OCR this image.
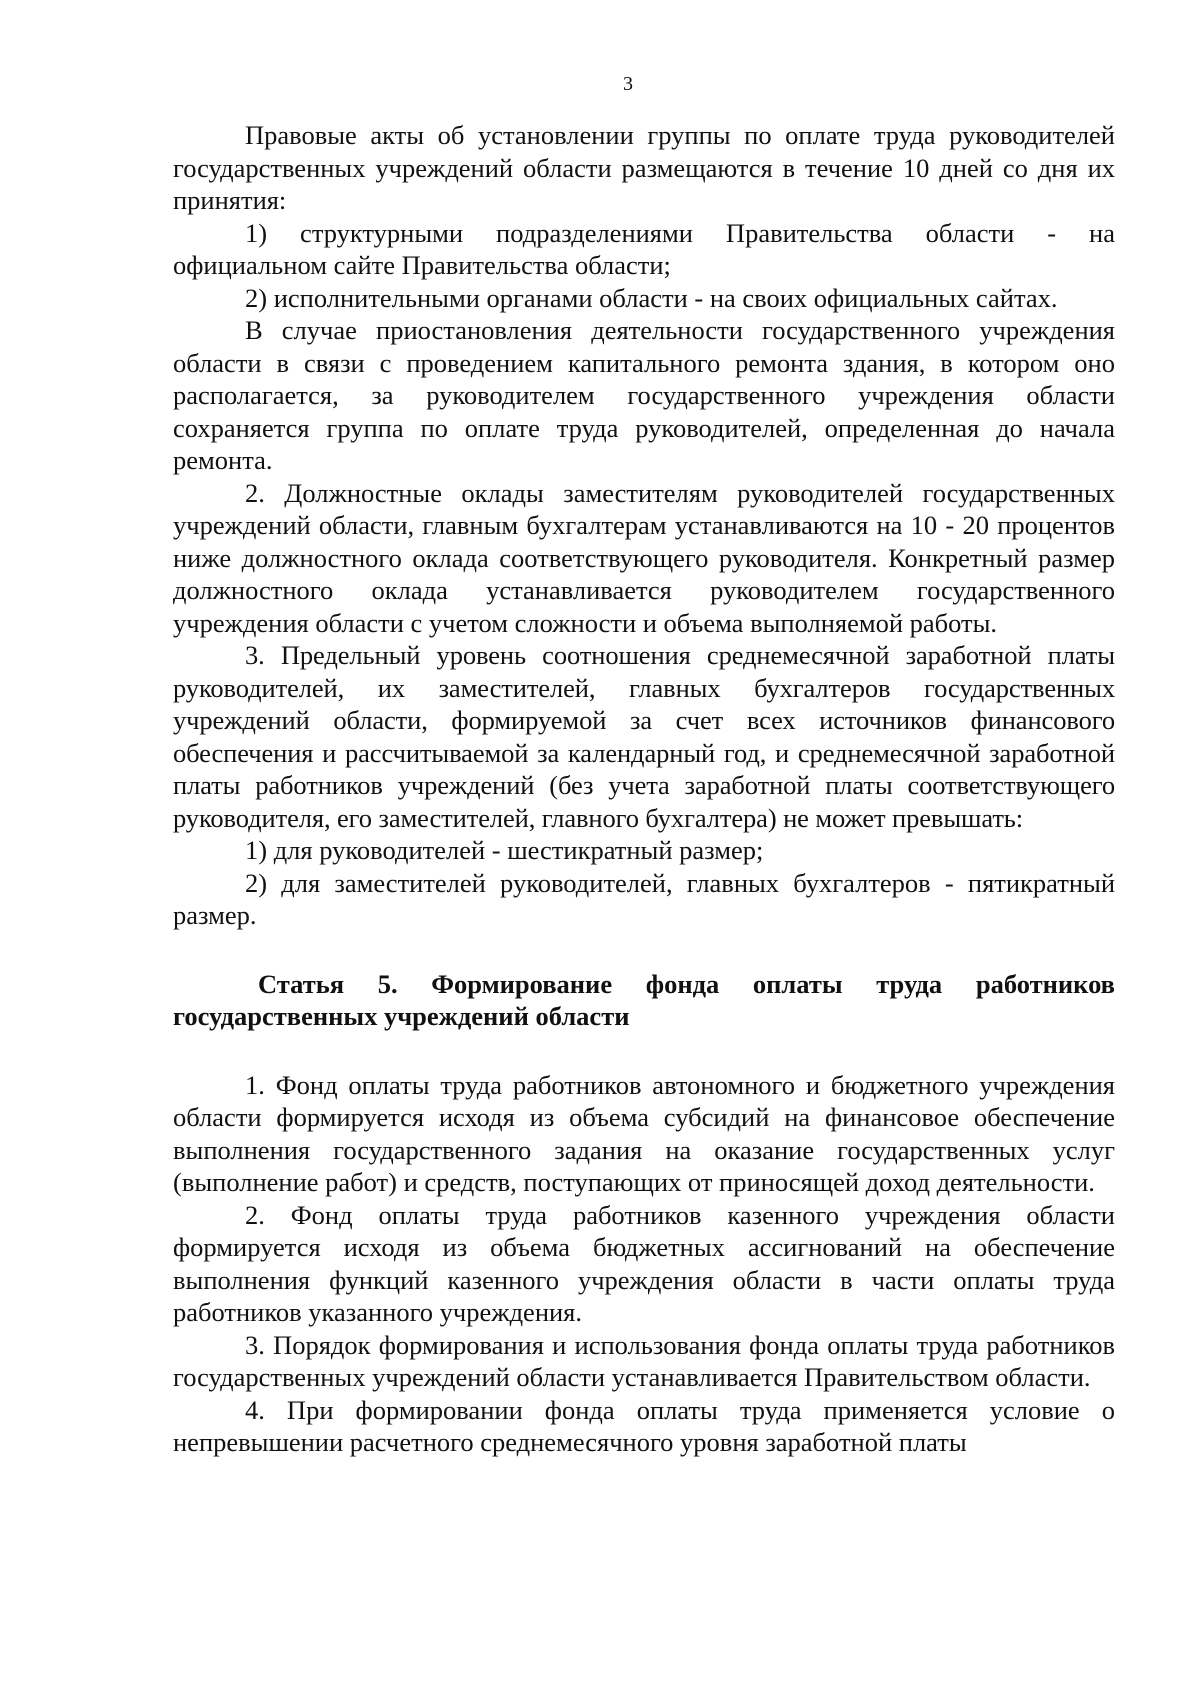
3

Правовые акты об установлении группы по оплате труда руководителей государственных учреждений области размещаются в течение 10 дней со дня их принятия:

1) структурными подразделениями Правительства области - на официальном сайте Правительства области;

2) исполнительными органами области - на своих официальных сайтах.

В случае приостановления деятельности государственного учреждения области в связи с проведением капитального ремонта здания, в котором оно располагается, за руководителем государственного учреждения области сохраняется группа по оплате труда руководителей, определенная до начала ремонта.

2. Должностные оклады заместителям руководителей государственных учреждений области, главным бухгалтерам устанавливаются на 10 - 20 процентов ниже должностного оклада соответствующего руководителя. Конкретный размер должностного оклада устанавливается руководителем государственного учреждения области с учетом сложности и объема выполняемой работы.

3. Предельный уровень соотношения среднемесячной заработной платы руководителей, их заместителей, главных бухгалтеров государственных учреждений области, формируемой за счет всех источников финансового обеспечения и рассчитываемой за календарный год, и среднемесячной заработной платы работников учреждений (без учета заработной платы соответствующего руководителя, его заместителей, главного бухгалтера) не может превышать:

1) для руководителей - шестикратный размер;

2) для заместителей руководителей, главных бухгалтеров - пятикратный размер.

Статья 5. Формирование фонда оплаты труда работников государственных учреждений области

1. Фонд оплаты труда работников автономного и бюджетного учреждения области формируется исходя из объема субсидий на финансовое обеспечение выполнения государственного задания на оказание государственных услуг (выполнение работ) и средств, поступающих от приносящей доход деятельности.

2. Фонд оплаты труда работников казенного учреждения области формируется исходя из объема бюджетных ассигнований на обеспечение выполнения функций казенного учреждения области в части оплаты труда работников указанного учреждения.

3. Порядок формирования и использования фонда оплаты труда работников государственных учреждений области устанавливается Правительством области.

4. При формировании фонда оплаты труда применяется условие о непревышении расчетного среднемесячного уровня заработной платы
